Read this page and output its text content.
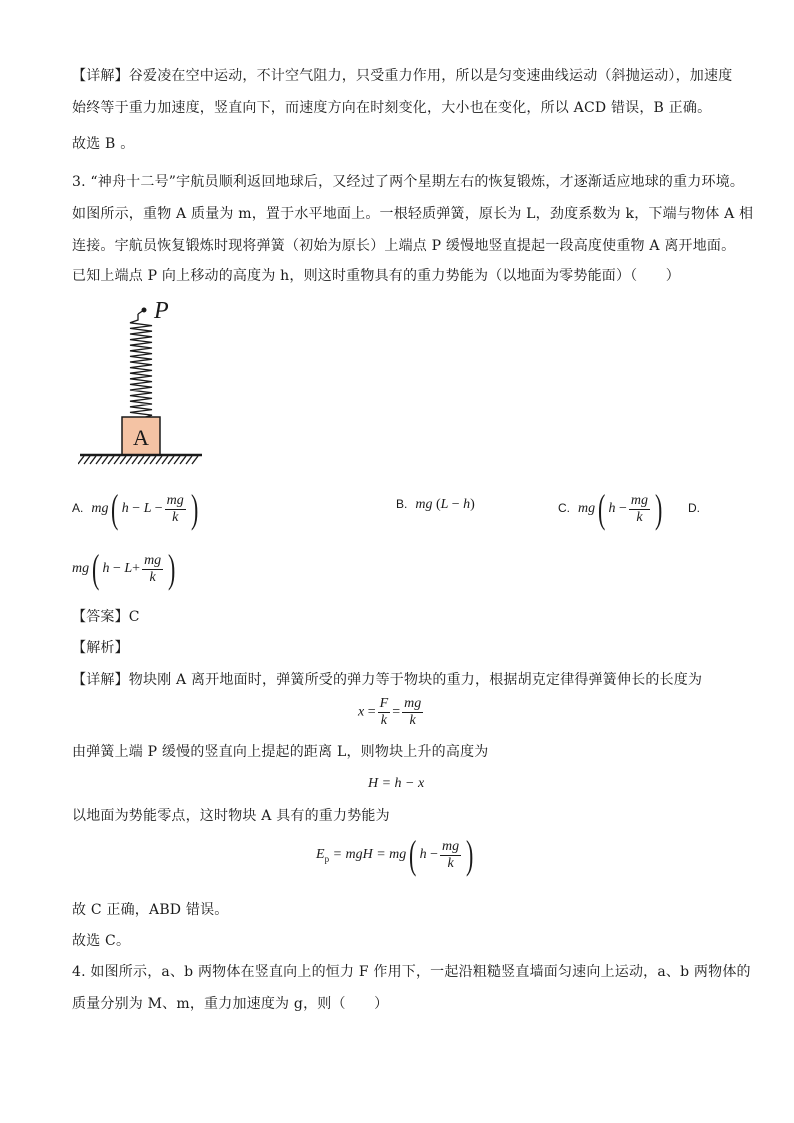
【详解】谷爱凌在空中运动，不计空气阻力，只受重力作用，所以是匀变速曲线运动（斜抛运动），加速度
始终等于重力加速度，竖直向下，而速度方向在时刻变化，大小也在变化，所以 ACD 错误，B 正确。
故选 B 。
3. “神舟十二号”宇航员顺利返回地球后，又经过了两个星期左右的恢复锻炼，才逐渐适应地球的重力环境。
如图所示，重物 A 质量为 m，置于水平地面上。一根轻质弹簧，原长为 L，劲度系数为 k，下端与物体 A 相
连接。宇航员恢复锻炼时现将弹簧（初始为原长）上端点 P 缓慢地竖直提起一段高度使重物 A 离开地面。
已知上端点 P 向上移动的高度为 h，则这时重物具有的重力势能为（以地面为零势能面）（　　）
P
A
A. mg( $h - L - \frac{mg}{k}$ )	B. mg (L − h)	C. mg( $h - \frac{mg}{k}$ ) D.
mg( $h - L+ \frac{mg}{k}$ )
【答案】C
【解析】
【详解】物块刚 A 离开地面时，弹簧所受的弹力等于物块的重力，根据胡克定律得弹簧伸长的长度为
$x = \frac{F}{k} = \frac{mg}{k}$
由弹簧上端 P 缓慢的竖直向上提起的距离 L，则物块上升的高度为
H = h − x
以地面为势能零点，这时物块 A 具有的重力势能为
$E_p$ = mgH = mg( $h - \frac{mg}{k}$ )
故 C 正确，ABD 错误。
故选 C。
4. 如图所示，a、b 两物体在竖直向上的恒力 F 作用下，一起沿粗糙竖直墙面匀速向上运动，a、b 两物体的
质量分别为 M、m，重力加速度为 g，则（　　）
